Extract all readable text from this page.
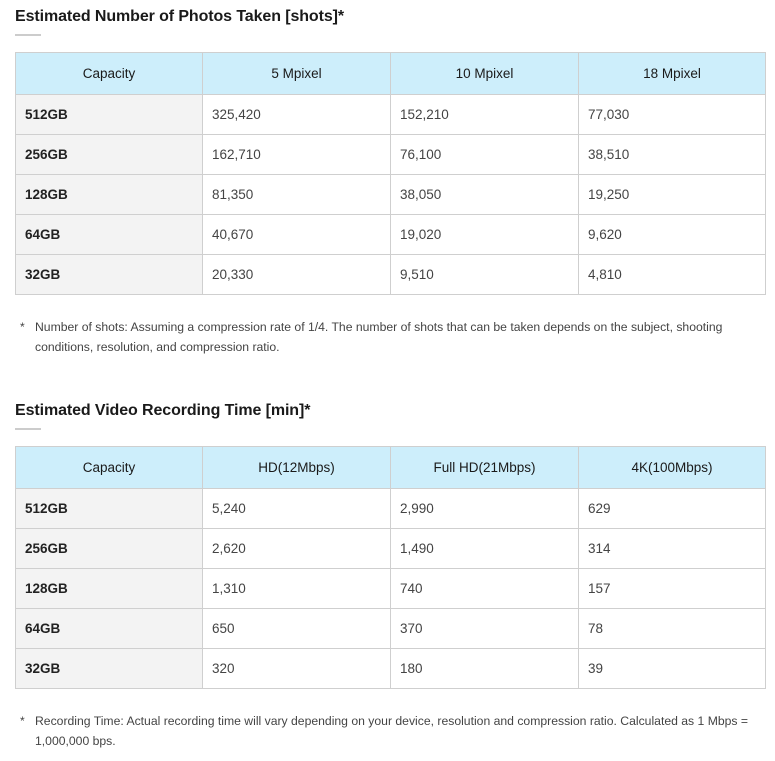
Estimated Number of Photos Taken [shots]*
Capacity	5 Mpixel	10 Mpixel	18 Mpixel
512GB	325,420	152,210	77,030
256GB	162,710	76,100	38,510
128GB	81,350	38,050	19,250
64GB	40,670	19,020	9,620
32GB	20,330	9,510	4,810
* Number of shots: Assuming a compression rate of 1/4. The number of shots that can be taken depends on the subject, shooting conditions, resolution, and compression ratio.
Estimated Video Recording Time [min]*
Capacity	HD(12Mbps)	Full HD(21Mbps)	4K(100Mbps)
512GB	5,240	2,990	629
256GB	2,620	1,490	314
128GB	1,310	740	157
64GB	650	370	78
32GB	320	180	39
* Recording Time: Actual recording time will vary depending on your device, resolution and compression ratio. Calculated as 1 Mbps = 1,000,000 bps.
